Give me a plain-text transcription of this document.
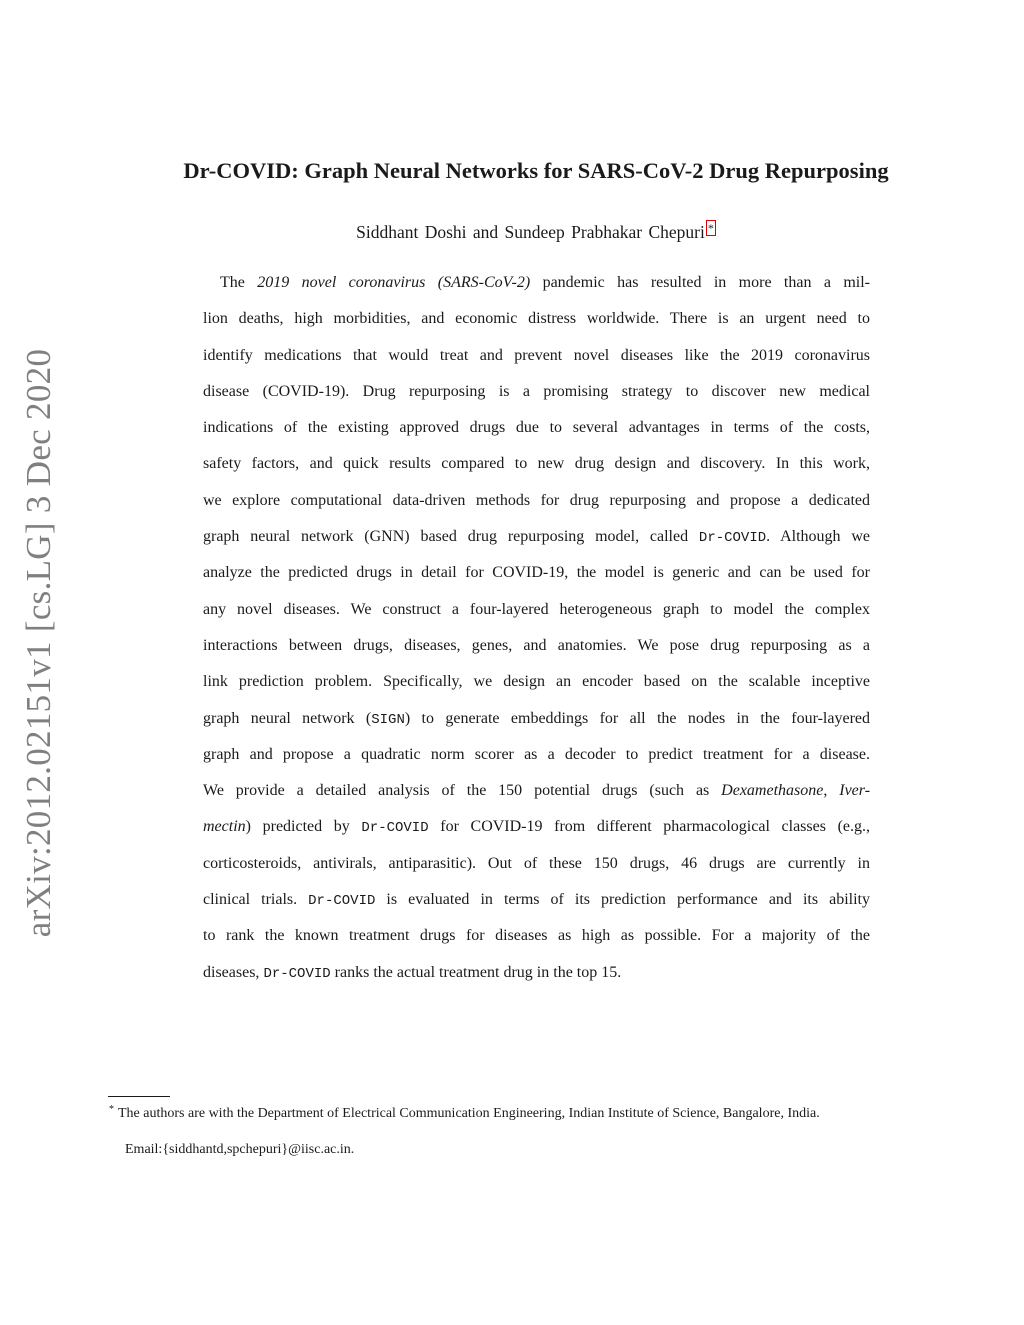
arXiv:2012.02151v1 [cs.LG] 3 Dec 2020
Dr-COVID: Graph Neural Networks for SARS-CoV-2 Drug Repurposing
Siddhant Doshi and Sundeep Prabhakar Chepuri *
The 2019 novel coronavirus (SARS-CoV-2) pandemic has resulted in more than a mil-
lion deaths, high morbidities, and economic distress worldwide. There is an urgent need to
identify medications that would treat and prevent novel diseases like the 2019 coronavirus
disease (COVID-19). Drug repurposing is a promising strategy to discover new medical
indications of the existing approved drugs due to several advantages in terms of the costs,
safety factors, and quick results compared to new drug design and discovery. In this work,
we explore computational data-driven methods for drug repurposing and propose a dedicated
graph neural network (GNN) based drug repurposing model, called Dr-COVID. Although we
analyze the predicted drugs in detail for COVID-19, the model is generic and can be used for
any novel diseases. We construct a four-layered heterogeneous graph to model the complex
interactions between drugs, diseases, genes, and anatomies. We pose drug repurposing as a
link prediction problem. Specifically, we design an encoder based on the scalable inceptive
graph neural network (SIGN) to generate embeddings for all the nodes in the four-layered
graph and propose a quadratic norm scorer as a decoder to predict treatment for a disease.
We provide a detailed analysis of the 150 potential drugs (such as Dexamethasone, Iver-
mectin) predicted by Dr-COVID for COVID-19 from different pharmacological classes (e.g.,
corticosteroids, antivirals, antiparasitic). Out of these 150 drugs, 46 drugs are currently in
clinical trials. Dr-COVID is evaluated in terms of its prediction performance and its ability
to rank the known treatment drugs for diseases as high as possible. For a majority of the
diseases, Dr-COVID ranks the actual treatment drug in the top 15.
* The authors are with the Department of Electrical Communication Engineering, Indian Institute of Science, Bangalore, India.
Email:{siddhantd,spchepuri}@iisc.ac.in.
